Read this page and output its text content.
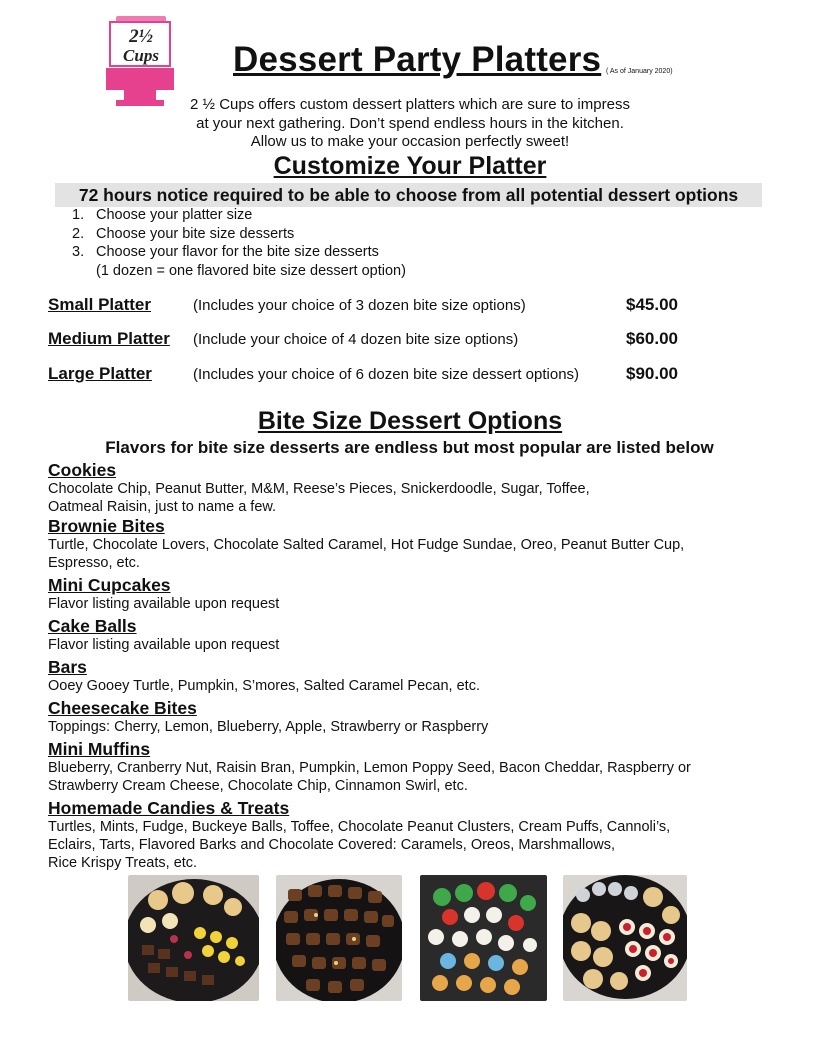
2½
Cups Dessert Party Platters ( As of January 2020)
2 ½ Cups offers custom dessert platters which are sure to impress
at your next gathering. Don’t spend endless hours in the kitchen.
Allow us to make your occasion perfectly sweet!
Customize Your Platter
72 hours notice required to be able to choose from all potential dessert options
1. Choose your platter size
2. Choose your bite size desserts
3. Choose your flavor for the bite size desserts
(1 dozen = one flavored bite size dessert option)
Small Platter	(Includes your choice of 3 dozen bite size options)	$45.00
Medium Platter (Include your choice of 4 dozen bite size options)	$60.00
Large Platter	(Includes your choice of 6 dozen bite size dessert options)	$90.00
Bite Size Dessert Options
Flavors for bite size desserts are endless but most popular are listed below
Cookies
Chocolate Chip, Peanut Butter, M&M, Reese’s Pieces, Snickerdoodle, Sugar, Toffee,
Oatmeal Raisin, just to name a few.
Brownie Bites
Turtle, Chocolate Lovers, Chocolate Salted Caramel, Hot Fudge Sundae, Oreo, Peanut Butter Cup,
Espresso, etc.
Mini Cupcakes
Flavor listing available upon request
Cake Balls
Flavor listing available upon request
Bars
Ooey Gooey Turtle, Pumpkin, S’mores, Salted Caramel Pecan, etc.
Cheesecake Bites
Toppings: Cherry, Lemon, Blueberry, Apple, Strawberry or Raspberry
Mini Muffins
Blueberry, Cranberry Nut, Raisin Bran, Pumpkin, Lemon Poppy Seed, Bacon Cheddar, Raspberry or
Strawberry Cream Cheese, Chocolate Chip, Cinnamon Swirl, etc.
Homemade Candies & Treats
Turtles, Mints, Fudge, Buckeye Balls, Toffee, Chocolate Peanut Clusters, Cream Puffs, Cannoli’s,
Eclairs, Tarts, Flavored Barks and Chocolate Covered: Caramels, Oreos, Marshmallows,
Rice Krispy Treats, etc.
